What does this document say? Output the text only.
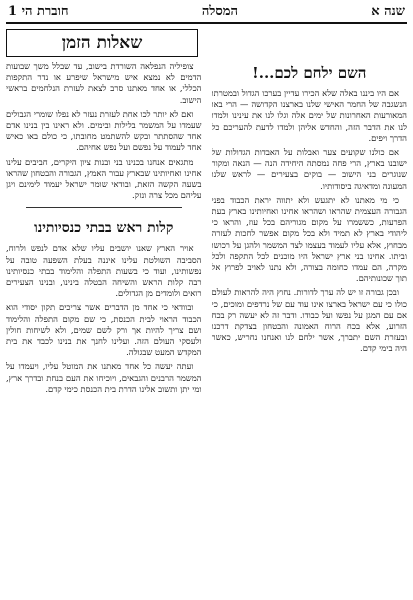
שנה א
המסלה
חוברת הי 1
שאלות הזמן
השם ילחם לכם...!

אם היו ביננו באלה שלא הכירו עדיין בערכו הגדול ובמטרתו הנשגבה של החמר האישי שלנו בארצנו הקדושה — הרי באו המאורעות האחרונות של ימים אלה וגלו לנו את עינינו ולמדו לנו את הדבר הזה, והחדש אליהן ולמדו לדעת להעריכם כל הדרך ויפים.

אם כולנו שקועים צער ואבלות על האבדות הגדולות של ישובנו בארץ, הרי פחה נמסתה היחידה הנה — הנאה ומקור שנוגרים בני הישוב — בוקים בצעירים — לראש שלנו המעונה ומדאיגה ביסודותיו.

כי מי מאתנו לא יתגעש ולא יתווה יראת הכבוד בפני הגבורה העצמית שהראו ושהראו אחינו ואחיותינו בארץ בעת הפרעות, כששמרו על מקום מגוריהם בכל עוז, והראו כי ליהודי בארץ לא תמיד ולא בכל מקום אפשר לחכות לעזרה מבחוץ, אלא עליו לעמוד בעצמו לצד המשמר ולהגן על רכושו וביתו. אחינו בני ארץ ישראל היו מוכנים לכל התקפה ולכל מקרה, הם עמדו כחומה בצורה, ולא נתנו לאויב לפרוץ אל תוך שכונותיהם.

ובכן גבורה זו יש לה ערך לדורות. נחוץ היה להראות לעולם כולו כי עם ישראל בארצו אינו עוד עם של נרדפים ומוכים, כי אם עם המגן על נפשו ועל כבודו. ודבר זה לא יעשה רק בכח הזרוע, אלא בכח הרוח האמונה והבטחון בצדקת דרכנו ובעזרת השם יתברך, אשר ילחם לנו ואנחנו נחריש, כאשר היה בימי קדם.

צופיליה הנפלאה השורדת בישוב, עד שבלל משך שבועות הדמים לא נמצא איש מישראל שיפרע או נדר התקפות הכללי, או אחד מאתנו סרב לצאת לעזרת הנלחמים בראשי הישוב.

ואם לא יותר לכו אחת לעזרת נעזר לא נפלו שומרי הגבולים שעמדו על המשמר בלילות ובימים. ולא ראינו בין בנינו אדם אחד שהסתתר ובקש להשתמט מחובתו, כי כולם באו כאיש אחד לעמוד על נפשם ועל נפש אחיהם.

מתגאים אנחנו בכנינו בני ובנות ציון היקרים, חביבים עלינו אחינו ואחיותינו שבארץ עבור האמץ, הגבורה והבטחון שהראו בשעה הקשה הזאת, ובודאי שומר ישראל יעמוד לימינם ויגן עליהם מכל צרה ונזק.

קלות ראש בבתי כנסיותינו

אויר הארץ שאנו יושבים עליו שלא אדם לנפש ולרוח, הסביבה השולטת עלינו איננה בעלת השפעה טובה על נפשותינו, ועוד כי בשעות התפלה והלימוד בבתי כנסיותינו רבה קלות הראש והשיחה הבטלה בינינו, ובנינו הצעירים רואים ולומדים מן הגדולים.

ובוודאי כי אחד מן הדברים אשר צריכים תקון יסודי הוא הכבוד הראוי לבית הכנסת, כי שם מקום התפלה והלימוד ושם צריך להיות אך ורק לשם שמים, ולא לשיחות חולין ולעסקי העולם הזה. ועלינו לחנך את בנינו לכבד את בית המקדש המעט שבגולה.

ועתה יעשה כל אחד מאתנו את המוטל עליו, ויעמדו על המשמר הרבנים והגבאים, ויוכיחו את העם בנחת ובדרך ארץ, ומי יתן ותשוב אלינו הדרת בית הכנסת כימי קדם.
